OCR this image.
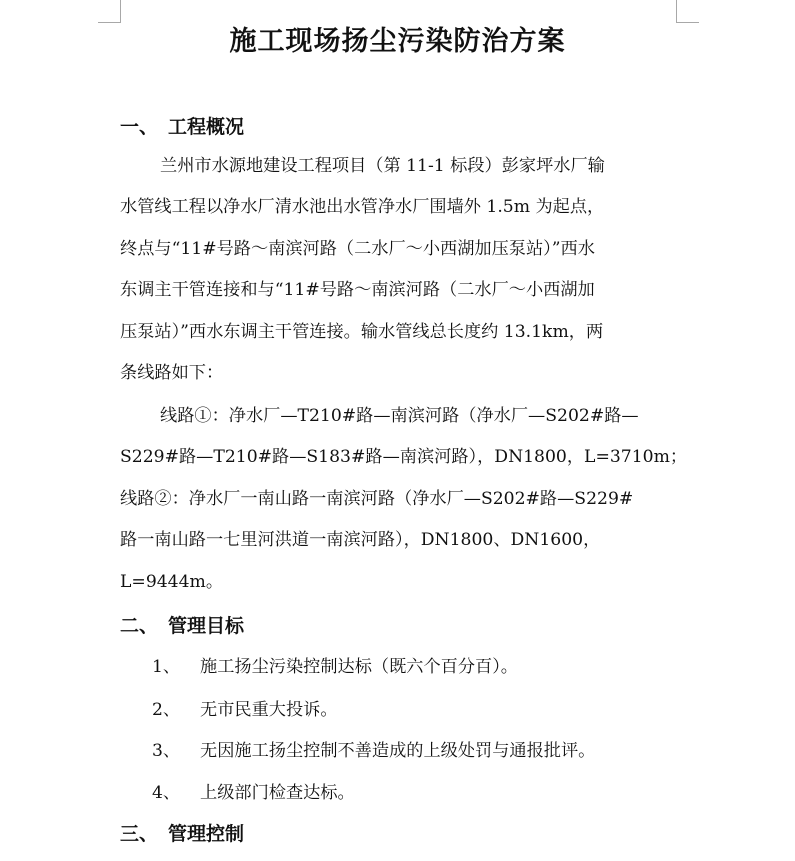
施工现场扬尘污染防治方案
一、 工程概况
兰州市水源地建设工程项目（第 11-1 标段）彭家坪水厂输
水管线工程以净水厂清水池出水管净水厂围墙外 1.5m 为起点，
终点与“11#号路～南滨河路（二水厂～小西湖加压泵站）”西水
东调主干管连接和与“11#号路～南滨河路（二水厂～小西湖加
压泵站）”西水东调主干管连接。输水管线总长度约 13.1km，两
条线路如下：
线路①：净水厂—T210#路—南滨河路（净水厂—S202#路—
S229#路—T210#路—S183#路—南滨河路），DN1800，L=3710m；
线路②：净水厂一南山路一南滨河路（净水厂—S202#路—S229#
路一南山路一七里河洪道一南滨河路），DN1800、DN1600，
L=9444m。
二、 管理目标
1、 施工扬尘污染控制达标（既六个百分百）。
2、 无市民重大投诉。
3、 无因施工扬尘控制不善造成的上级处罚与通报批评。
4、 上级部门检查达标。
三、 管理控制
